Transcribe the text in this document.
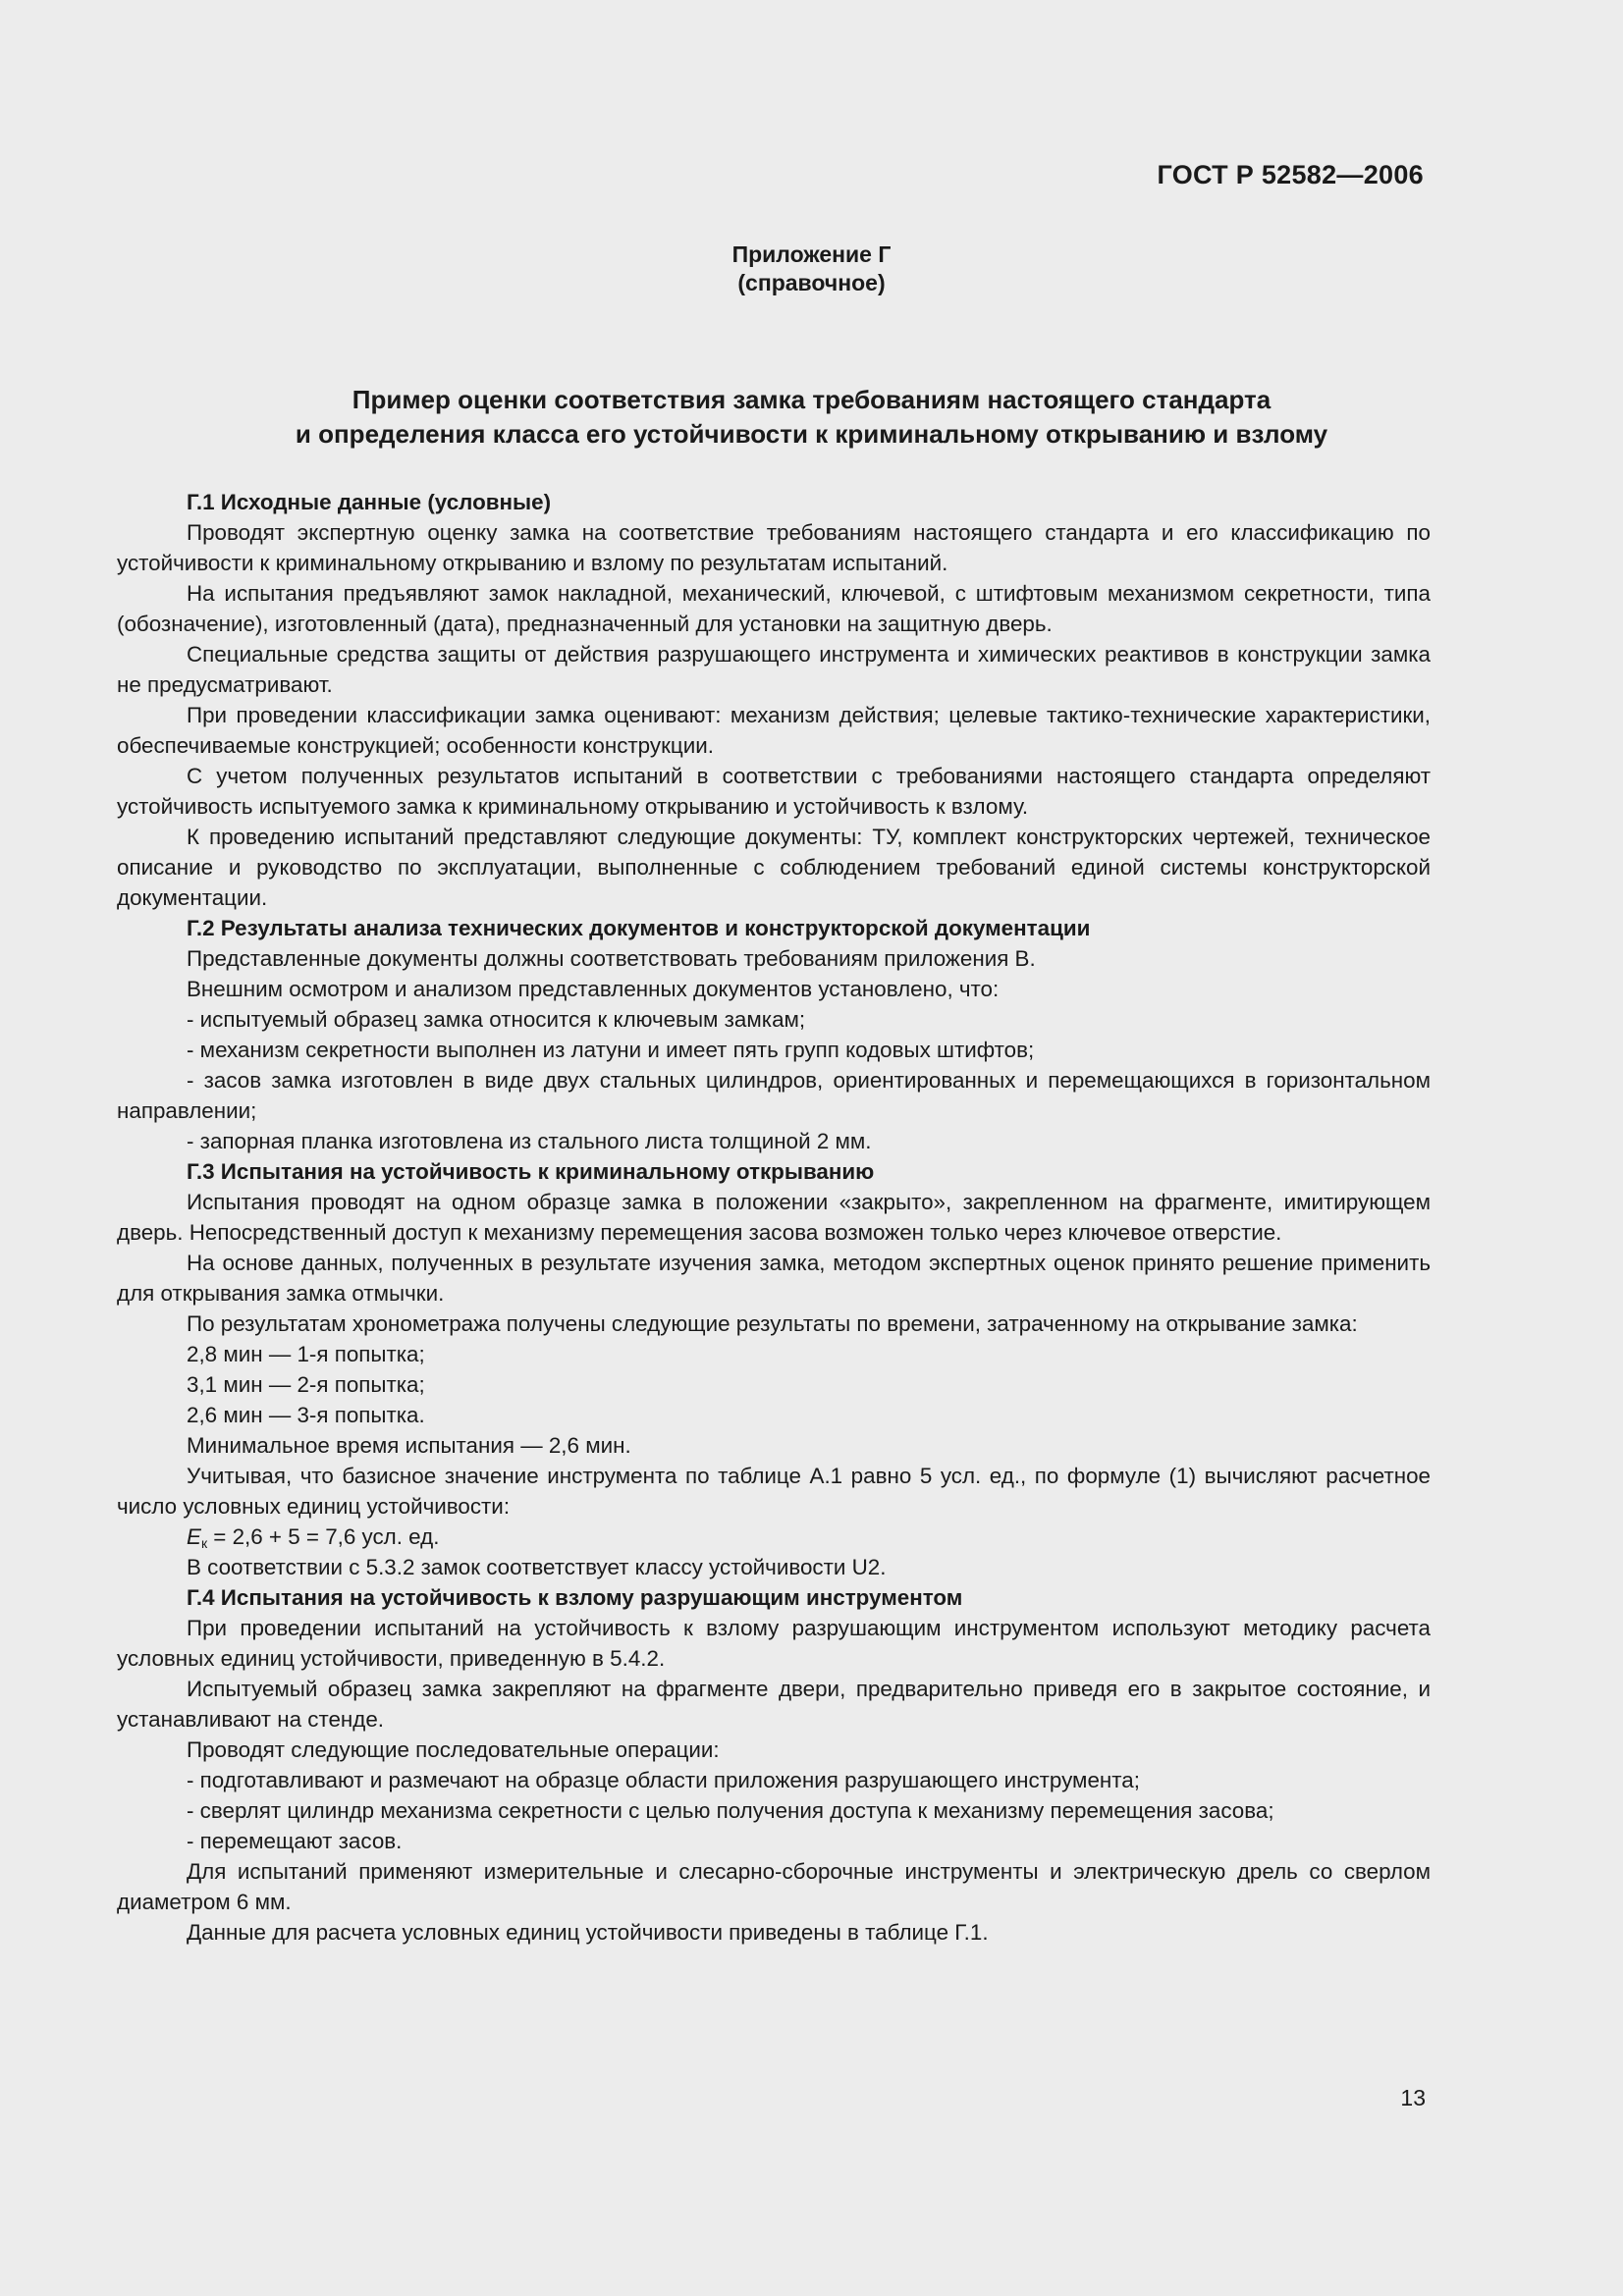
ГОСТ Р 52582—2006
Приложение Г
(справочное)
Пример оценки соответствия замка требованиям настоящего стандарта
и определения класса его устойчивости к криминальному открыванию и взлому

Г.1 Исходные данные (условные)

Проводят экспертную оценку замка на соответствие требованиям настоящего стандарта и его классификацию по устойчивости к криминальному открыванию и взлому по результатам испытаний.

На испытания предъявляют замок накладной, механический, ключевой, с штифтовым механизмом секретности, типа (обозначение), изготовленный (дата), предназначенный для установки на защитную дверь.

Специальные средства защиты от действия разрушающего инструмента и химических реактивов в конструкции замка не предусматривают.

При проведении классификации замка оценивают: механизм действия; целевые тактико-технические характеристики, обеспечиваемые конструкцией; особенности конструкции.

С учетом полученных результатов испытаний в соответствии с требованиями настоящего стандарта определяют устойчивость испытуемого замка к криминальному открыванию и устойчивость к взлому.

К проведению испытаний представляют следующие документы: ТУ, комплект конструкторских чертежей, техническое описание и руководство по эксплуатации, выполненные с соблюдением требований единой системы конструкторской документации.

Г.2 Результаты анализа технических документов и конструкторской документации

Представленные документы должны соответствовать требованиям приложения В.

Внешним осмотром и анализом представленных документов установлено, что:

- испытуемый образец замка относится к ключевым замкам;

- механизм секретности выполнен из латуни и имеет пять групп кодовых штифтов;

- засов замка изготовлен в виде двух стальных цилиндров, ориентированных и перемещающихся в горизонтальном направлении;

- запорная планка изготовлена из стального листа толщиной 2 мм.

Г.3 Испытания на устойчивость к криминальному открыванию

Испытания проводят на одном образце замка в положении «закрыто», закрепленном на фрагменте, имитирующем дверь. Непосредственный доступ к механизму перемещения засова возможен только через ключевое отверстие.

На основе данных, полученных в результате изучения замка, методом экспертных оценок принято решение применить для открывания замка отмычки.

По результатам хронометража получены следующие результаты по времени, затраченному на открывание замка:

2,8 мин — 1-я попытка;

3,1 мин — 2-я попытка;

2,6 мин — 3-я попытка.

Минимальное время испытания — 2,6 мин.

Учитывая, что базисное значение инструмента по таблице А.1 равно 5 усл. ед., по формуле (1) вычисляют расчетное число условных единиц устойчивости:

$E_к = 2,6 + 5 = 7,6$ усл. ед.

В соответствии с 5.3.2 замок соответствует классу устойчивости U2.

Г.4 Испытания на устойчивость к взлому разрушающим инструментом

При проведении испытаний на устойчивость к взлому разрушающим инструментом используют методику расчета условных единиц устойчивости, приведенную в 5.4.2.

Испытуемый образец замка закрепляют на фрагменте двери, предварительно приведя его в закрытое состояние, и устанавливают на стенде.

Проводят следующие последовательные операции:

- подготавливают и размечают на образце области приложения разрушающего инструмента;

- сверлят цилиндр механизма секретности с целью получения доступа к механизму перемещения засова;

- перемещают засов.

Для испытаний применяют измерительные и слесарно-сборочные инструменты и электрическую дрель со сверлом диаметром 6 мм.

Данные для расчета условных единиц устойчивости приведены в таблице Г.1.

13
